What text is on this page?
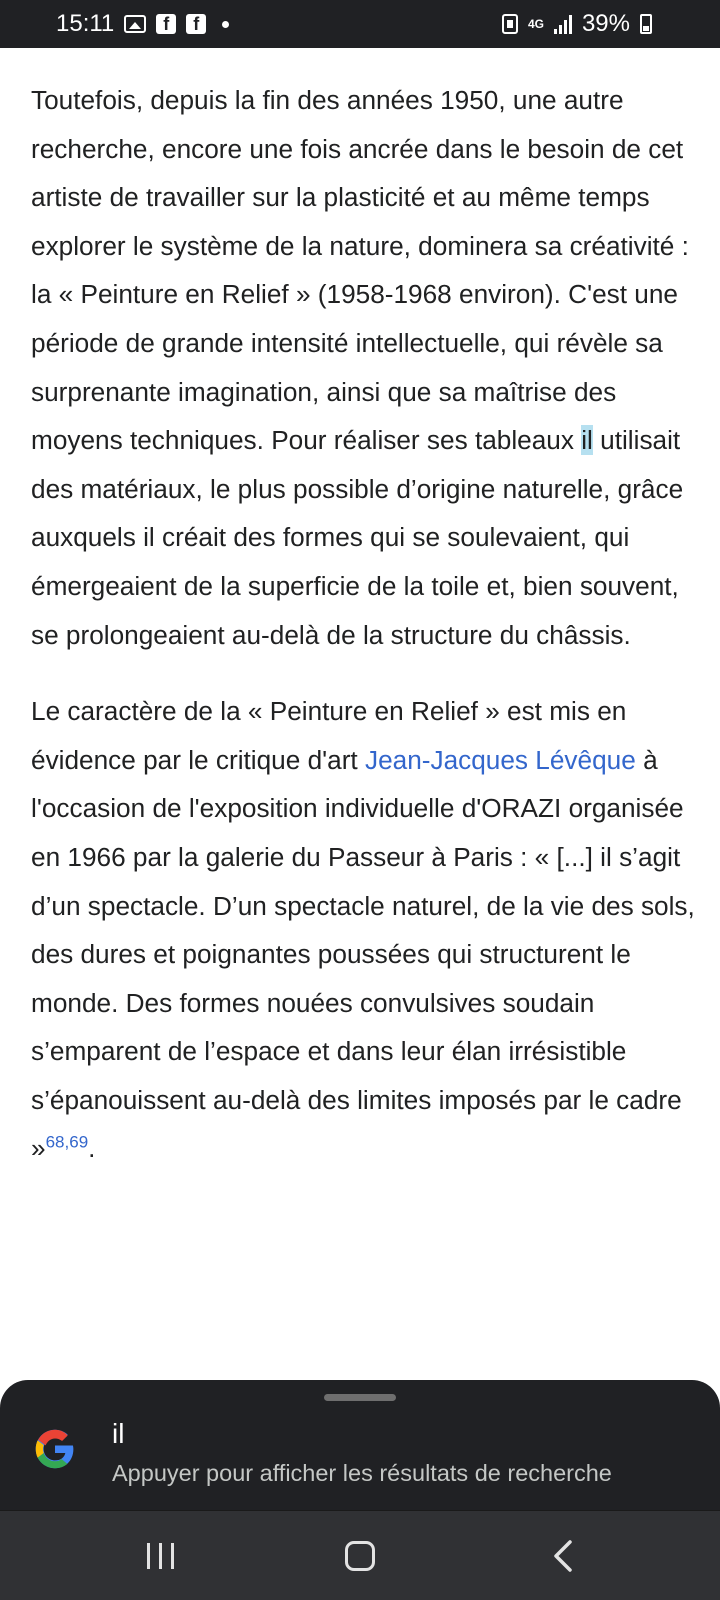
15:11	f	f	4G 39%

Toutefois, depuis la fin des années 1950, une autre recherche, encore une fois ancrée dans le besoin de cet artiste de travailler sur la plasticité et au même temps explorer le système de la nature, dominera sa créativité : la « Peinture en Relief » (1958-1968 environ). C'est une période de grande intensité intellectuelle, qui révèle sa surprenante imagination, ainsi que sa maîtrise des moyens techniques. Pour réaliser ses tableaux il utilisait des matériaux, le plus possible d’origine naturelle, grâce auxquels il créait des formes qui se soulevaient, qui émergeaient de la superficie de la toile et, bien souvent, se prolongeaient au-delà de la structure du châssis.

Le caractère de la « Peinture en Relief » est mis en évidence par le critique d'art Jean-Jacques Lévêque à l'occasion de l'exposition individuelle d'ORAZI organisée en 1966 par la galerie du Passeur à Paris : « [...] il s’agit d’un spectacle. D’un spectacle naturel, de la vie des sols, des dures et poignantes poussées qui structurent le monde. Des formes nouées convulsives soudain s’emparent de l’espace et dans leur élan irrésistible s’épanouissent au-delà des limites imposés par le cadre »$^{68,69}$.

il
Appuyer pour afficher les résultats de recherche
